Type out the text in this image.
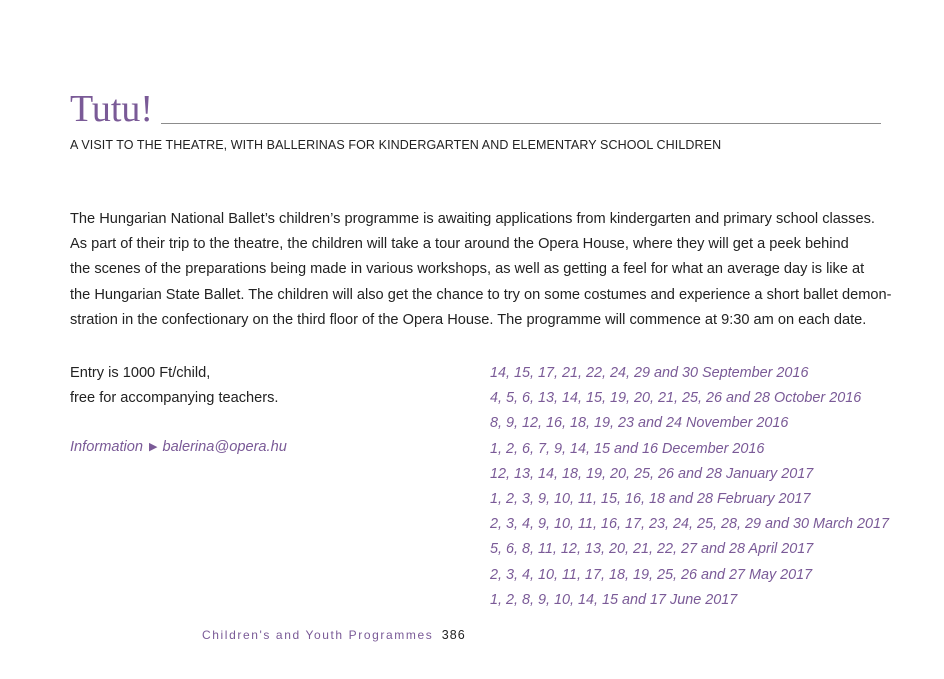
Tutu!
A VISIT TO THE THEATRE, WITH BALLERINAS FOR KINDERGARTEN AND ELEMENTARY SCHOOL CHILDREN
The Hungarian National Ballet’s children’s programme is awaiting applications from kindergarten and primary school classes.
As part of their trip to the theatre, the children will take a tour around the Opera House, where they will get a peek behind
the scenes of the preparations being made in various workshops, as well as getting a feel for what an average day is like at
the Hungarian State Ballet. The children will also get the chance to try on some costumes and experience a short ballet demon-
stration in the confectionary on the third floor of the Opera House. The programme will commence at 9:30 am on each date.
Entry is 1000 Ft/child,
free for accompanying teachers.
Information ▶ balerina@opera.hu
14, 15, 17, 21, 22, 24, 29 and 30 September 2016
4, 5, 6, 13, 14, 15, 19, 20, 21, 25, 26 and 28 October 2016
8, 9, 12, 16, 18, 19, 23 and 24 November 2016
1, 2, 6, 7, 9, 14, 15 and 16 December 2016
12, 13, 14, 18, 19, 20, 25, 26 and 28 January 2017
1, 2, 3, 9, 10, 11, 15, 16, 18 and 28 February 2017
2, 3, 4, 9, 10, 11, 16, 17, 23, 24, 25, 28, 29 and 30 March 2017
5, 6, 8, 11, 12, 13, 20, 21, 22, 27 and 28 April 2017
2, 3, 4, 10, 11, 17, 18, 19, 25, 26 and 27 May 2017
1, 2, 8, 9, 10, 14, 15 and 17 June 2017
Children's and Youth Programmes 386
